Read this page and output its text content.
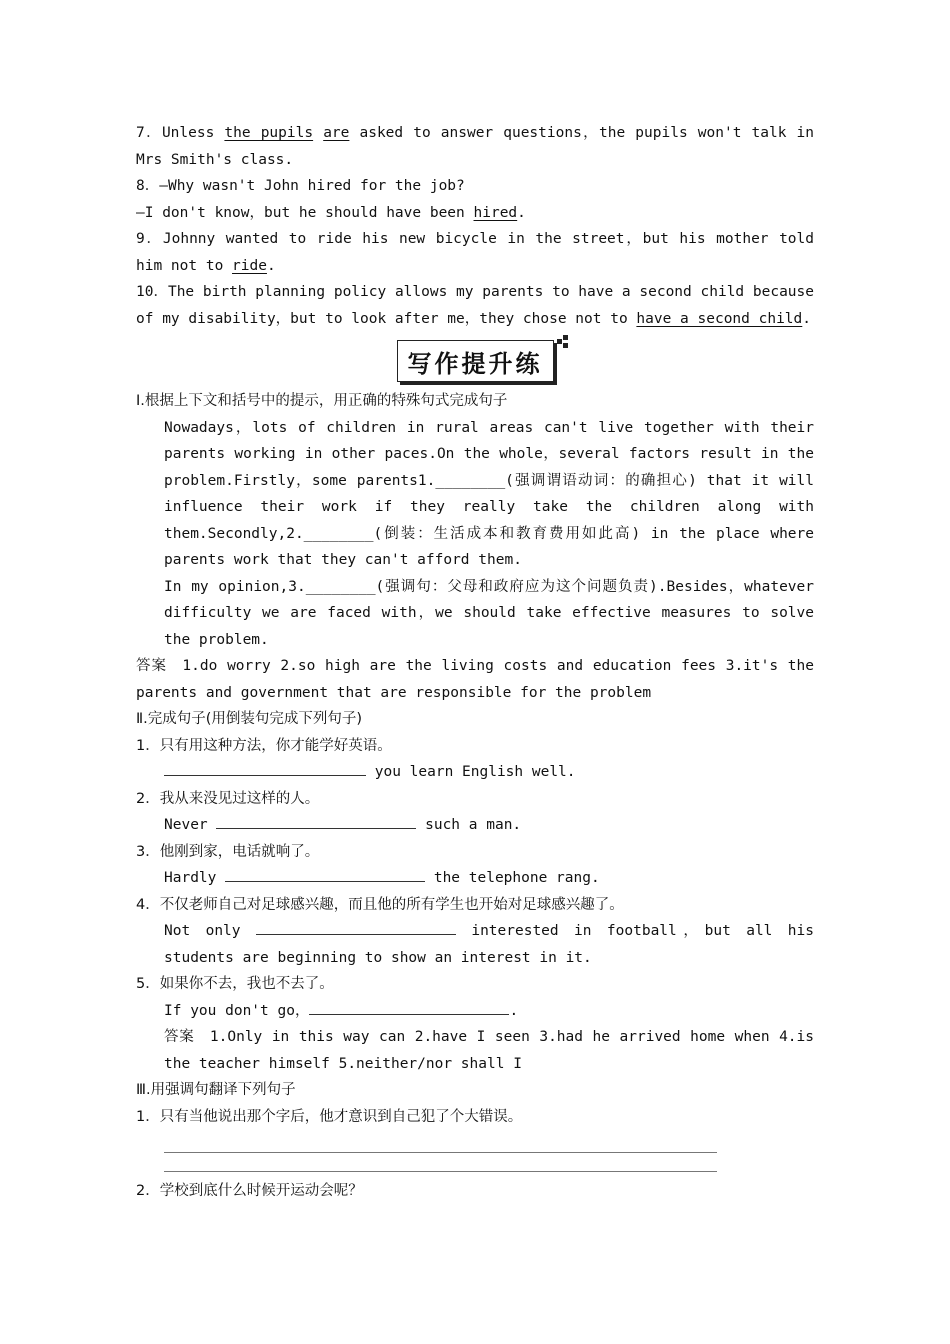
7．Unless the pupils are asked to answer questions，the pupils won't talk in Mrs Smith's class.

8．—Why wasn't John hired for the job?

—I don't know，but he should have been hired.

9．Johnny wanted to ride his new bicycle in the street，but his mother told him not to ride.

10．The birth planning policy allows my parents to have a second child because of my disability，but to look after me，they chose not to have a second child.

写作提升练

Ⅰ.根据上下文和括号中的提示，用正确的特殊句式完成句子

Nowadays，lots of children in rural areas can't live together with their parents working in other paces.On the whole，several factors result in the problem.Firstly，some parents1.________(强调谓语动词：的确担心) that it will influence their work if they really take the children along with them.Secondly,2.________(倒装：生活成本和教育费用如此高) in the place where parents work that they can't afford them.

In my opinion,3.________(强调句：父母和政府应为这个问题负责).Besides，whatever difficulty we are faced with，we should take effective measures to solve the problem.

答案　1.do worry 2.so high are the living costs and education fees 3.it's the parents and government that are responsible for the problem

Ⅱ.完成句子(用倒装句完成下列句子)

1．只有用这种方法，你才能学好英语。

you learn English well.

2．我从来没见过这样的人。

Never	such a man.

3．他刚到家，电话就响了。

Hardly	the telephone rang.

4．不仅老师自己对足球感兴趣，而且他的所有学生也开始对足球感兴趣了。

Not only	interested in football，but all his students are beginning to show an interest in it.

5．如果你不去，我也不去了。

If you don't go，	.

答案　1.Only in this way can 2.have I seen 3.had he arrived home when 4.is the teacher himself 5.neither/nor shall I

Ⅲ.用强调句翻译下列句子

1．只有当他说出那个字后，他才意识到自己犯了个大错误。

2．学校到底什么时候开运动会呢？
